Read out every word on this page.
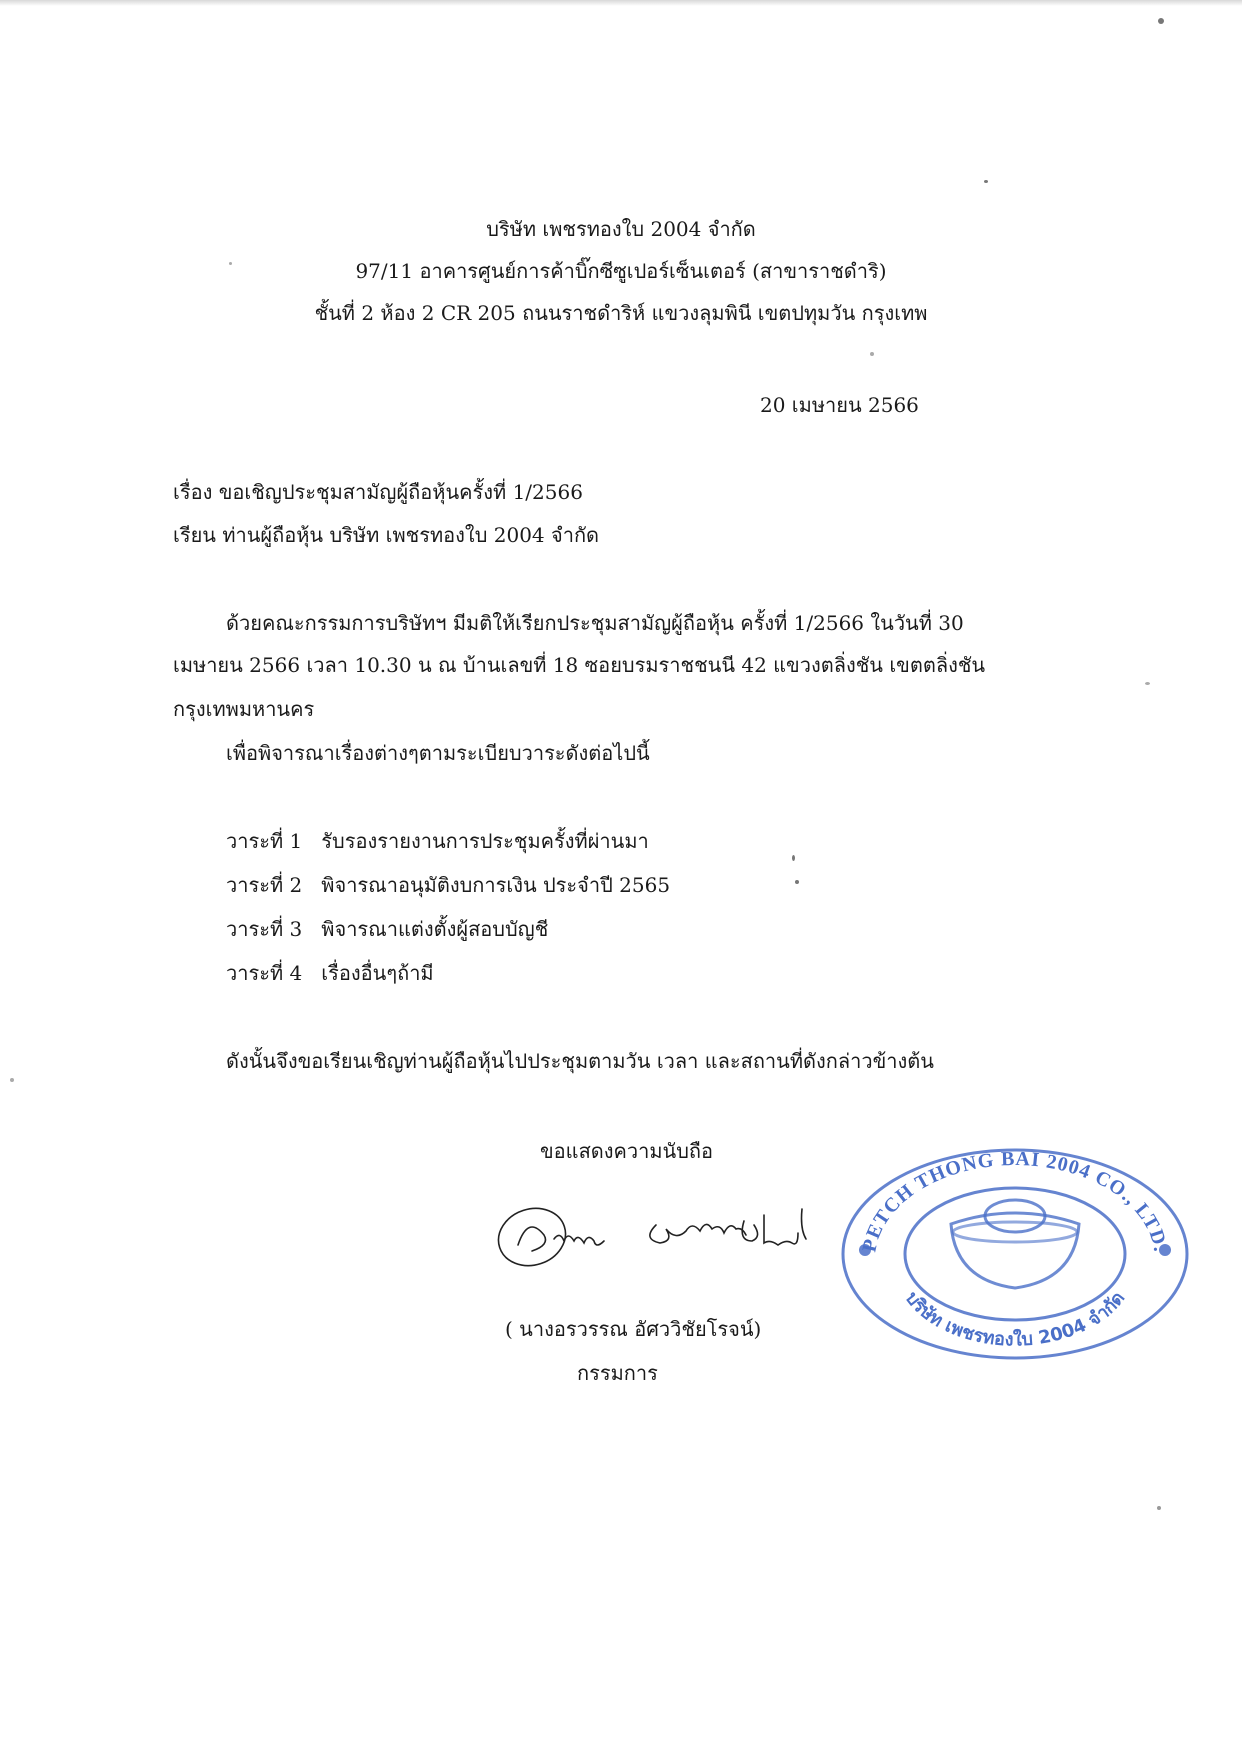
บริษัท เพชรทองใบ 2004 จำกัด
97/11 อาคารศูนย์การค้าบิ๊กซีซูเปอร์เซ็นเตอร์ (สาขาราชดำริ)
ชั้นที่ 2 ห้อง 2 CR 205 ถนนราชดำริห์ แขวงลุมพินี เขตปทุมวัน กรุงเทพ
20 เมษายน 2566
เรื่อง ขอเชิญประชุมสามัญผู้ถือหุ้นครั้งที่ 1/2566
เรียน ท่านผู้ถือหุ้น บริษัท เพชรทองใบ 2004 จำกัด
ด้วยคณะกรรมการบริษัทฯ มีมติให้เรียกประชุมสามัญผู้ถือหุ้น ครั้งที่ 1/2566 ในวันที่ 30
เมษายน 2566 เวลา 10.30 น ณ บ้านเลขที่ 18 ซอยบรมราชชนนี 42 แขวงตลิ่งชัน เขตตลิ่งชัน
กรุงเทพมหานคร
เพื่อพิจารณาเรื่องต่างๆตามระเบียบวาระดังต่อไปนี้
วาระที่ 1 รับรองรายงานการประชุมครั้งที่ผ่านมา
วาระที่ 2 พิจารณาอนุมัติงบการเงิน ประจำปี 2565
วาระที่ 3 พิจารณาแต่งตั้งผู้สอบบัญชี
วาระที่ 4 เรื่องอื่นๆถ้ามี
ดังนั้นจึงขอเรียนเชิญท่านผู้ถือหุ้นไปประชุมตามวัน เวลา และสถานที่ดังกล่าวข้างต้น
ขอแสดงความนับถือ
PETCH THONG BAI 2004 CO., LTD.
บริษัท เพชรทองใบ 2004 จำกัด
( นางอรวรรณ อัศววิชัยโรจน์)
กรรมการ
